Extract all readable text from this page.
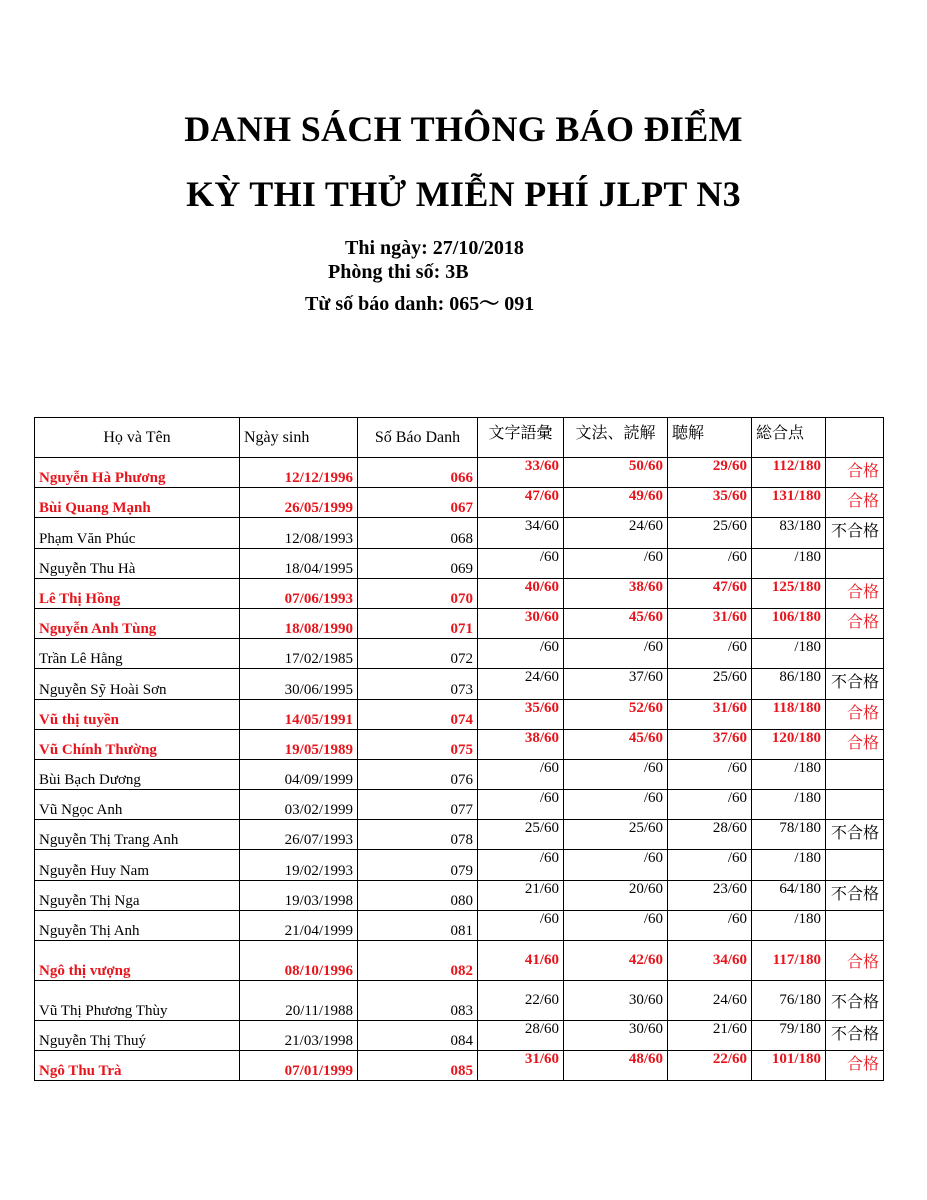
DANH SÁCH THÔNG BÁO ĐIỂM
KỲ THI THỬ MIỄN PHÍ JLPT N3
Thi ngày: 27/10/2018
Phòng thi số: 3B
Từ số báo danh: 065～ 091
Họ và Tên	Ngày sinh	Số Báo Danh	文字語彙	文法、読解	聴解	総合点	
Nguyễn Hà Phương	12/12/1996	066	33/60	50/60	29/60	112/180	合格
Bùi Quang Mạnh	26/05/1999	067	47/60	49/60	35/60	131/180	合格
Phạm Văn Phúc	12/08/1993	068	34/60	24/60	25/60	83/180	不合格
Nguyễn Thu Hà	18/04/1995	069	/60	/60	/60	/180	
Lê Thị Hồng	07/06/1993	070	40/60	38/60	47/60	125/180	合格
Nguyễn Anh Tùng	18/08/1990	071	30/60	45/60	31/60	106/180	合格
Trần Lê Hằng	17/02/1985	072	/60	/60	/60	/180	
Nguyễn Sỹ Hoài Sơn	30/06/1995	073	24/60	37/60	25/60	86/180	不合格
Vũ thị tuyền	14/05/1991	074	35/60	52/60	31/60	118/180	合格
Vũ Chính Thường	19/05/1989	075	38/60	45/60	37/60	120/180	合格
Bùi Bạch Dương	04/09/1999	076	/60	/60	/60	/180	
Vũ Ngọc Anh	03/02/1999	077	/60	/60	/60	/180	
Nguyễn Thị Trang Anh	26/07/1993	078	25/60	25/60	28/60	78/180	不合格
Nguyễn Huy Nam	19/02/1993	079	/60	/60	/60	/180	
Nguyễn Thị Nga	19/03/1998	080	21/60	20/60	23/60	64/180	不合格
Nguyễn Thị Anh	21/04/1999	081	/60	/60	/60	/180	
Ngô thị vượng	08/10/1996	082	41/60	42/60	34/60	117/180	合格
Vũ Thị Phương Thùy	20/11/1988	083	22/60	30/60	24/60	76/180	不合格
Nguyễn Thị Thuý	21/03/1998	084	28/60	30/60	21/60	79/180	不合格
Ngô Thu Trà	07/01/1999	085	31/60	48/60	22/60	101/180	合格
